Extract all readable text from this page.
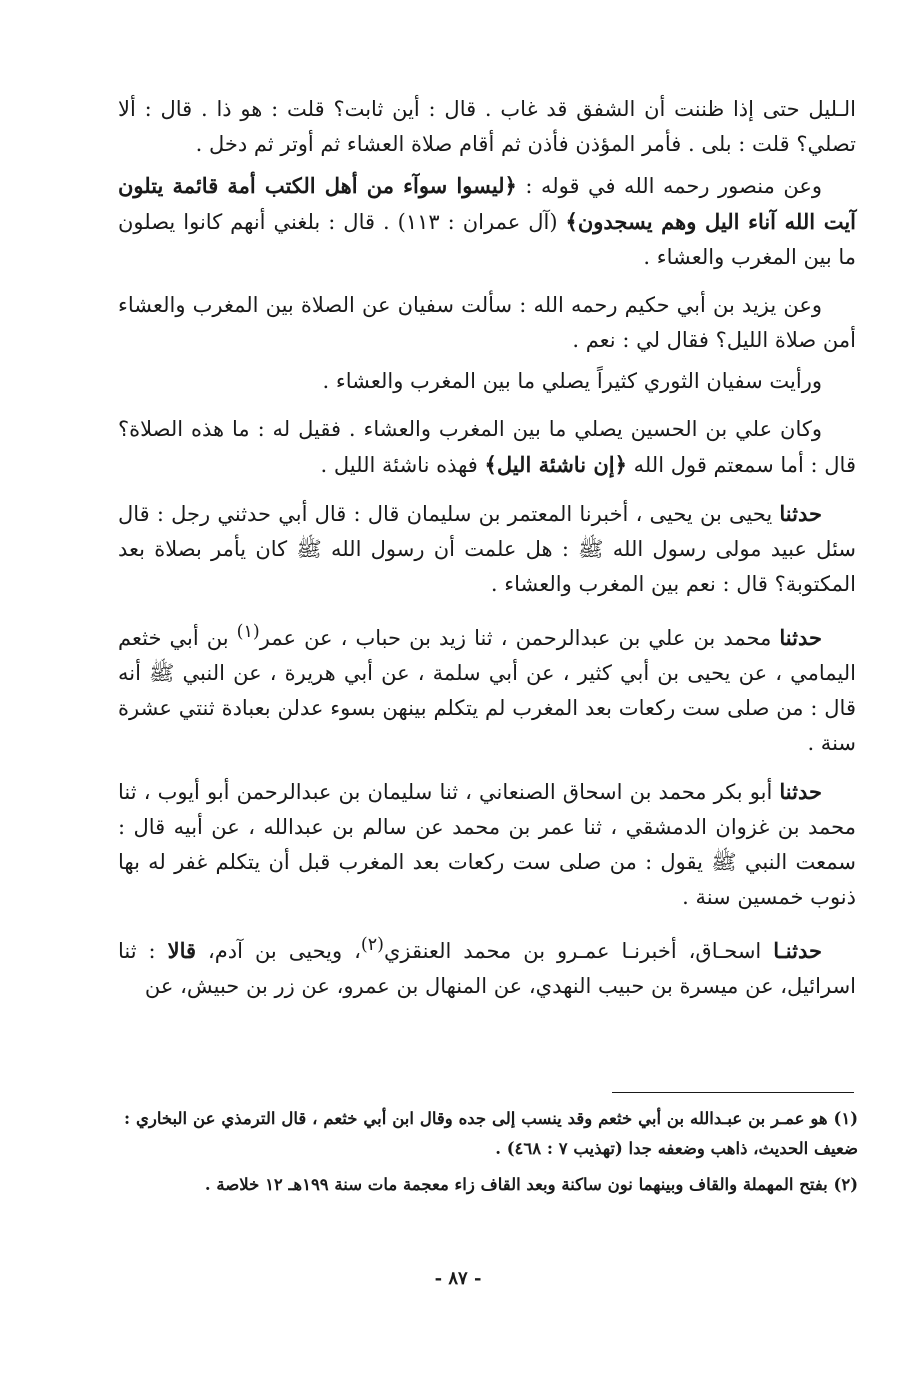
الـليل حتى إذا ظننت أن الشفق قد غاب . قال : أين ثابت؟ قلت : هو ذا . قال : ألا تصلي؟ قلت : بلى . فأمر المؤذن فأذن ثم أقام صلاة العشاء ثم أوتر ثم دخل .

وعن منصور رحمه الله في قوله : ﴿ليسوا سوآء من أهل الكتب أمة قائمة يتلون آيت الله آناء اليل وهم يسجدون﴾ (آل عمران : ١١٣) . قال : بلغني أنهم كانوا يصلون ما بين المغرب والعشاء .

وعن يزيد بن أبي حكيم رحمه الله : سألت سفيان عن الصلاة بين المغرب والعشاء أمن صلاة الليل؟ فقال لي : نعم .

ورأيت سفيان الثوري كثيراً يصلي ما بين المغرب والعشاء .

وكان علي بن الحسين يصلي ما بين المغرب والعشاء . فقيل له : ما هذه الصلاة؟ قال : أما سمعتم قول الله ﴿إن ناشئة اليل﴾ فهذه ناشئة الليل .

حدثنا يحيى بن يحيى ، أخبرنا المعتمر بن سليمان قال : قال أبي حدثني رجل : قال سئل عبيد مولى رسول الله ﷺ : هل علمت أن رسول الله ﷺ كان يأمر بصلاة بعد المكتوبة؟ قال : نعم بين المغرب والعشاء .

حدثنا محمد بن علي بن عبدالرحمن ، ثنا زيد بن حباب ، عن عمر$^{(١)}$ بن أبي خثعم اليمامي ، عن يحيى بن أبي كثير ، عن أبي سلمة ، عن أبي هريرة ، عن النبي ﷺ أنه قال : من صلى ست ركعات بعد المغرب لم يتكلم بينهن بسوء عدلن بعبادة ثنتي عشرة سنة .

حدثنا أبو بكر محمد بن اسحاق الصنعاني ، ثنا سليمان بن عبدالرحمن أبو أيوب ، ثنا محمد بن غزوان الدمشقي ، ثنا عمر بن محمد عن سالم بن عبدالله ، عن أبيه قال : سمعت النبي ﷺ يقول : من صلى ست ركعات بعد المغرب قبل أن يتكلم غفر له بها ذنوب خمسين سنة .

حدثنـا اسحـاق، أخبرنـا عمـرو بن محمد العنقزي$^{(٢)}$، ويحيى بن آدم، قالا : ثنا اسرائيل، عن ميسرة بن حبيب النهدي، عن المنهال بن عمرو، عن زر بن حبيش، عن

(١) هو عمـر بن عبـدالله بن أبي خثعم وقد ينسب إلى جده وقال ابن أبي خثعم ، قال الترمذي عن البخاري : ضعيف الحديث، ذاهب وضعفه جدا (تهذيب ٧ : ٤٦٨) .

(٢) بفتح المهملة والقاف وبينهما نون ساكنة وبعد القاف زاء معجمة مات سنة ١٩٩هـ ١٢ خلاصة .

- ٨٧ -
